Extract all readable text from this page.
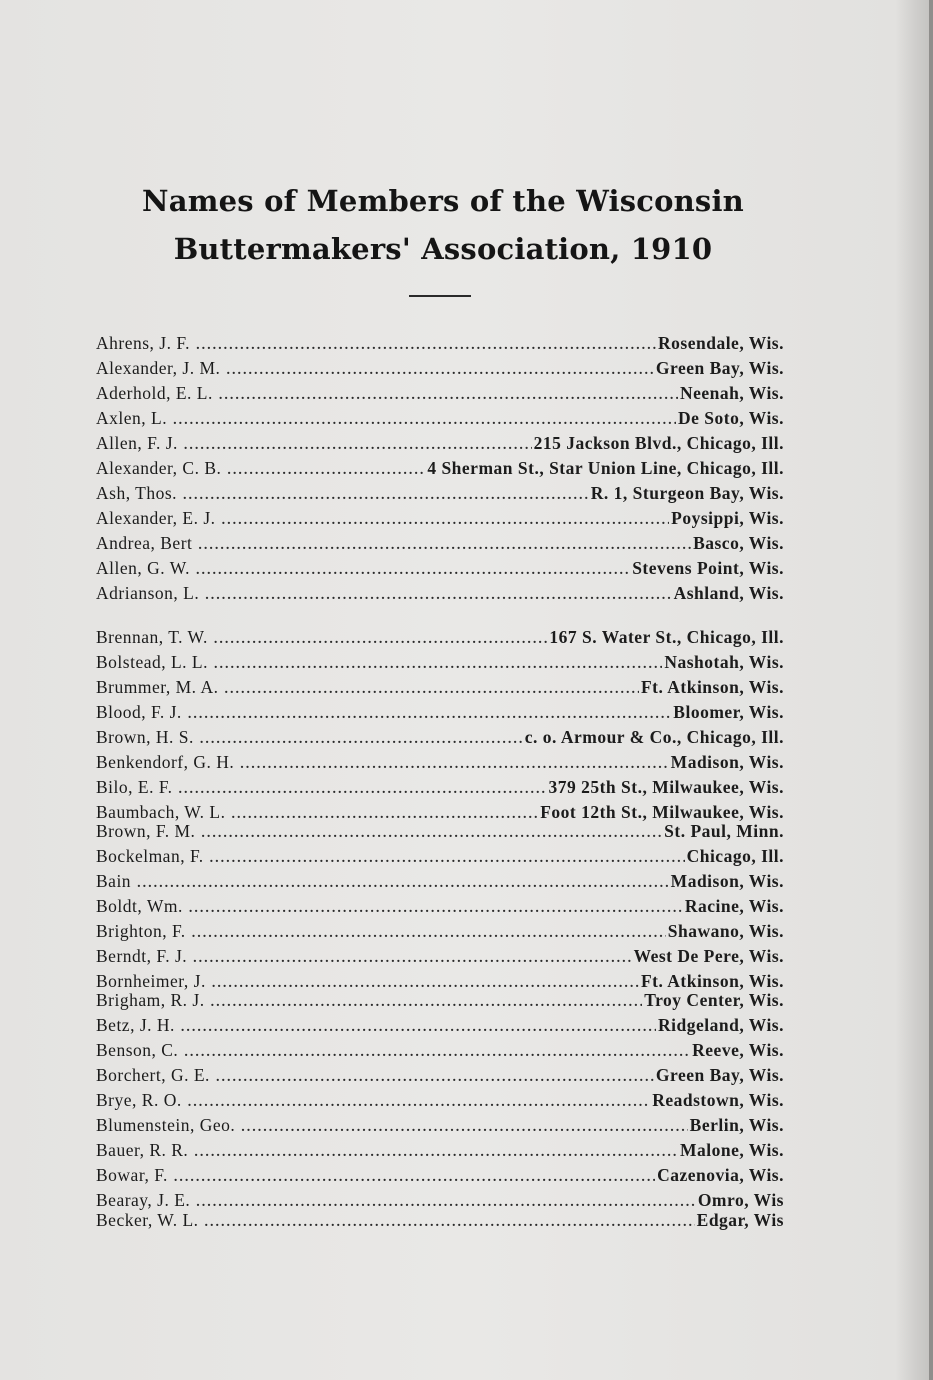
Names of Members of the Wisconsin
Buttermakers' Association, 1910
Ahrens, J. F. .....	Rosendale, Wis.
Alexander, J. M. .....	Green Bay, Wis.
Aderhold, E. L. .....	Neenah, Wis.
Axlen, L. .....	De Soto, Wis.
Allen, F. J. .....	215 Jackson Blvd., Chicago, Ill.
Alexander, C. B. .....	4 Sherman St., Star Union Line, Chicago, Ill.
Ash, Thos. .....	R. 1, Sturgeon Bay, Wis.
Alexander, E. J. .....	Poysippi, Wis.
Andrea, Bert .....	Basco, Wis.
Allen, G. W. .....	Stevens Point, Wis.
Adrianson, L. .....	Ashland, Wis.
Brennan, T. W. .....	167 S. Water St., Chicago, Ill.
Bolstead, L. L. .....	Nashotah, Wis.
Brummer, M. A. .....	Ft. Atkinson, Wis.
Blood, F. J. .....	Bloomer, Wis.
Brown, H. S. .....	c. o. Armour & Co., Chicago, Ill.
Benkendorf, G. H. .....	Madison, Wis.
Bilo, E. F. .....	379 25th St., Milwaukee, Wis.
Baumbach, W. L. .....	Foot 12th St., Milwaukee, Wis.
Brown, F. M. .....	St. Paul, Minn.
Bockelman, F. .....	Chicago, Ill.
Bain .....	Madison, Wis.
Boldt, Wm. .....	Racine, Wis.
Brighton, F. .....	Shawano, Wis.
Berndt, F. J. .....	West De Pere, Wis.
Bornheimer, J. .....	Ft. Atkinson, Wis.
Brigham, R. J. .....	Troy Center, Wis.
Betz, J. H. .....	Ridgeland, Wis.
Benson, C. .....	Reeve, Wis.
Borchert, G. E. .....	Green Bay, Wis.
Brye, R. O. .....	Readstown, Wis.
Blumenstein, Geo. .....	Berlin, Wis.
Bauer, R. R. .....	Malone, Wis.
Bowar, F. .....	Cazenovia, Wis.
Bearay, J. E. .....	Omro, Wis
Becker, W. L. .....	Edgar, Wis
